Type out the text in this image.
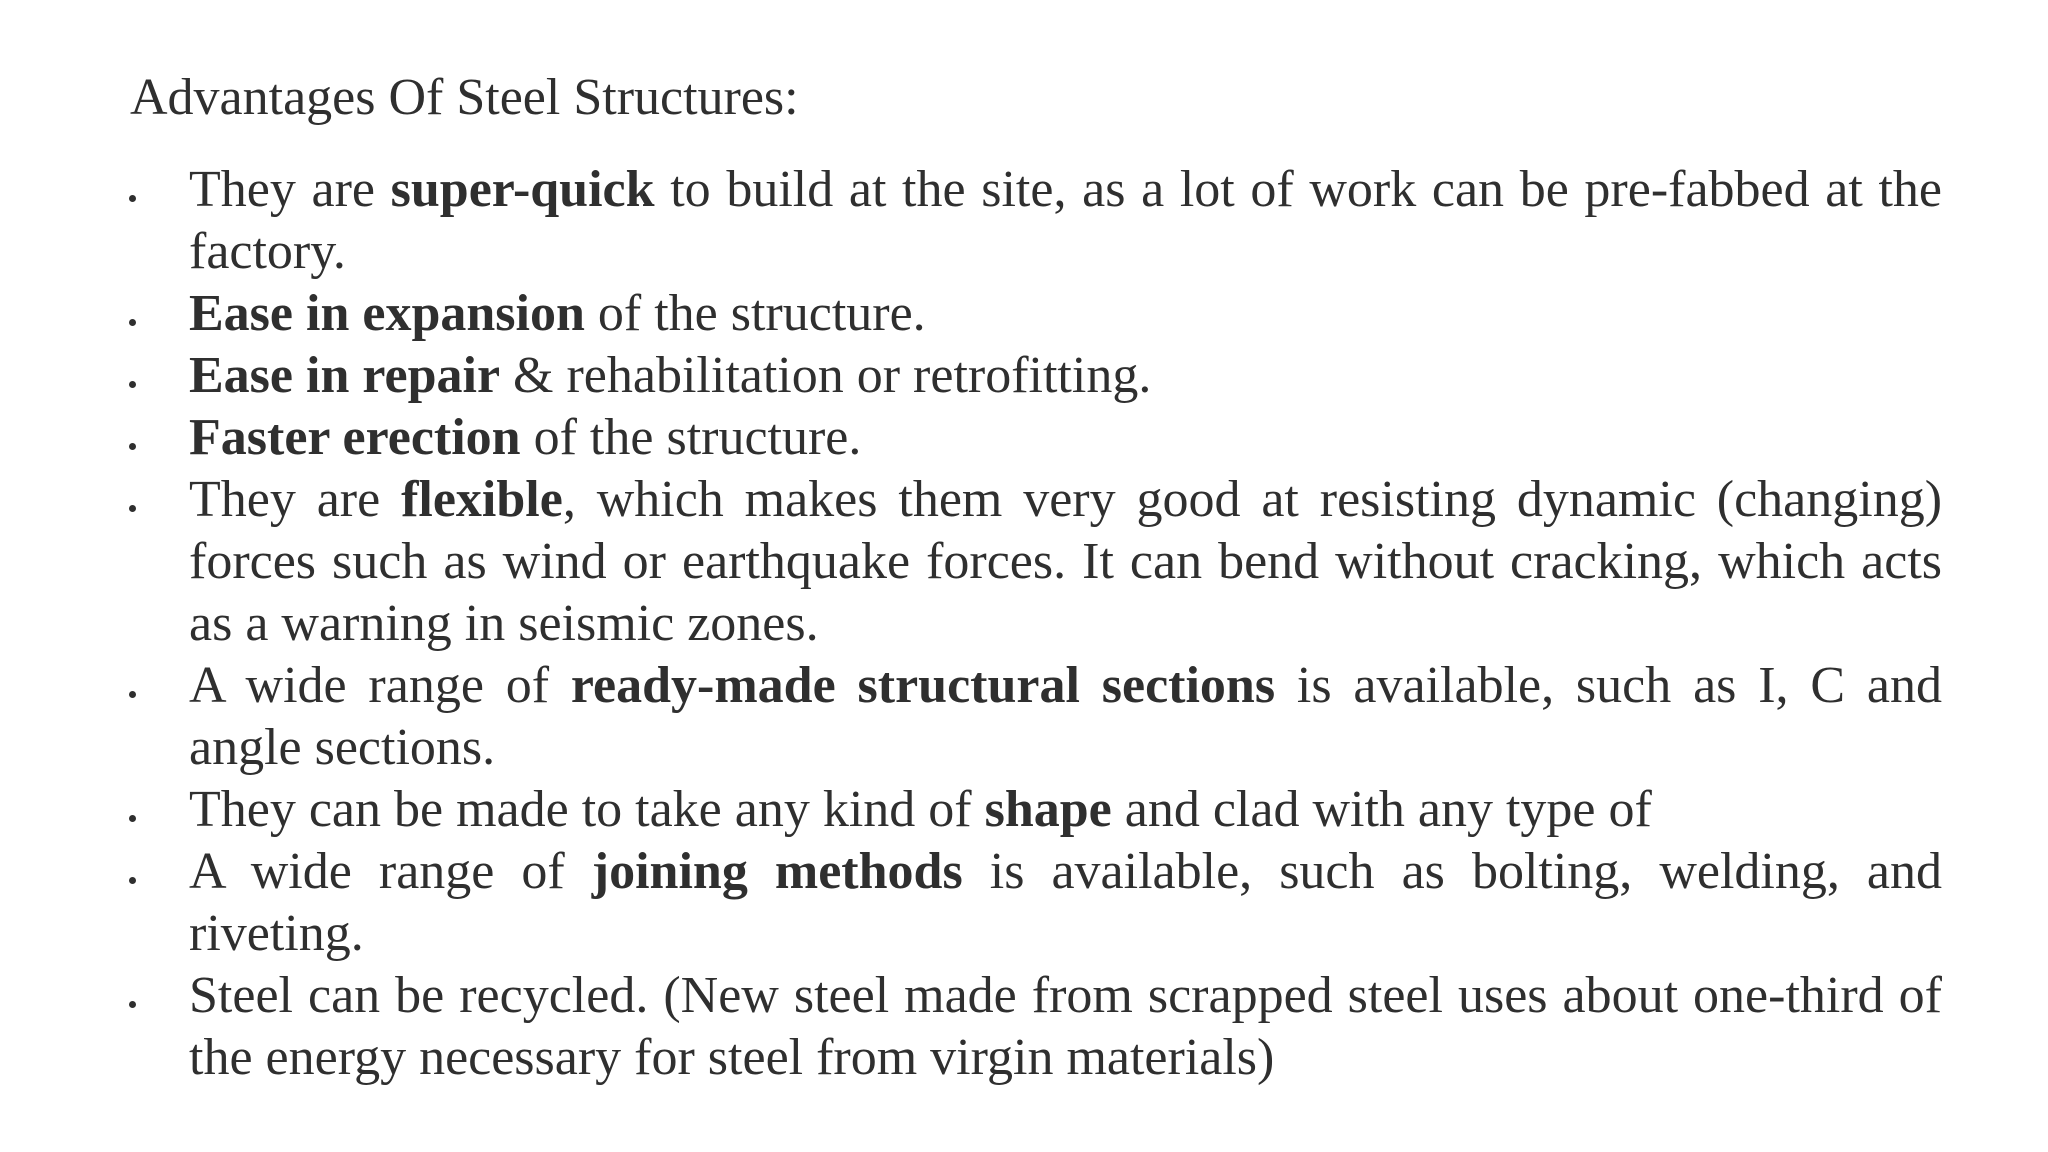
Advantages Of Steel Structures:
They are super-quick to build at the site, as a lot of work can be pre-fabbed at the factory.
Ease in expansion of the structure.
Ease in repair & rehabilitation or retrofitting.
Faster erection of the structure.
They are flexible, which makes them very good at resisting dynamic (changing) forces such as wind or earthquake forces. It can bend without cracking, which acts as a warning in seismic zones.
A wide range of ready-made structural sections is available, such as I, C and angle sections.
They can be made to take any kind of shape and clad with any type of
A wide range of joining methods is available, such as bolting, welding, and riveting.
Steel can be recycled. (New steel made from scrapped steel uses about one-third of the energy necessary for steel from virgin materials)
